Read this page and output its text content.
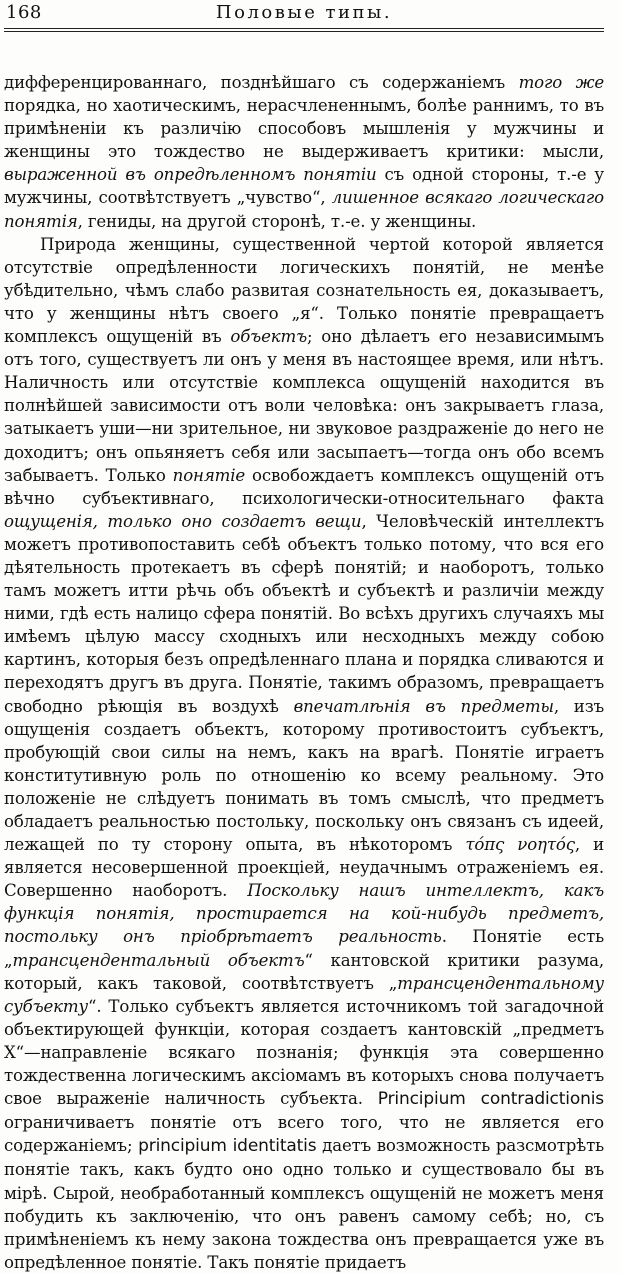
168	Половые типы.

дифференцированнаго, позднѣйшаго съ содержаніемъ того же порядка, но хаотическимъ, нерасчлененнымъ, болѣе раннимъ, то въ примѣненіи къ различію способовъ мышленія у мужчины и женщины это тождество не выдерживаетъ критики: мысли, выраженной въ опредѣленномъ понятіи съ одной стороны, т.-е у мужчины, соотвѣтствуетъ „чувство“, лишенное всякаго логическаго понятія, гениды, на другой сторонѣ, т.-е. у женщины.

Природа женщины, существенной чертой которой является отсутствіе опредѣленности логическихъ понятій, не менѣе убѣдительно, чѣмъ слабо развитая сознательность ея, доказываетъ, что у женщины нѣтъ своего „я“. Только понятіе превращаетъ комплексъ ощущеній въ объектъ; оно дѣлаетъ его независимымъ отъ того, существуетъ ли онъ у меня въ настоящее время, или нѣтъ. Наличность или отсутствіе комплекса ощущеній находится въ полнѣйшей зависимости отъ воли человѣка: онъ закрываетъ глаза, затыкаетъ уши—ни зрительное, ни звуковое раздраженіе до него не доходитъ; онъ опьяняетъ себя или засыпаетъ—тогда онъ обо всемъ забываетъ. Только понятіе освобождаетъ комплексъ ощущеній отъ вѣчно субъективнаго, психологически-относительнаго факта ощущенія, только оно создаетъ вещи, Человѣческій интеллектъ можетъ противопоставить себѣ объектъ только потому, что вся его дѣятельность протекаетъ въ сферѣ понятій; и наоборотъ, только тамъ можетъ итти рѣчь объ объектѣ и субъектѣ и различіи между ними, гдѣ есть налицо сфера понятій. Во всѣхъ другихъ случаяхъ мы имѣемъ цѣлую массу сходныхъ или несходныхъ между собою картинъ, которыя безъ опредѣленнаго плана и порядка сливаются и переходятъ другъ въ друга. Понятіе, такимъ образомъ, превращаетъ свободно рѣющія въ воздухѣ впечатлѣнія въ предметы, изъ ощущенія создаетъ объектъ, которому противостоитъ субъектъ, пробующій свои силы на немъ, какъ на врагѣ. Понятіе играетъ конститутивную роль по отношенію ко всему реальному. Это положеніе не слѣдуетъ понимать въ томъ смыслѣ, что предметъ обладаетъ реальностью постольку, поскольку онъ связанъ съ идеей, лежащей по ту сторону опыта, въ нѣкоторомъ τόπς νοητός, и является несовершенной проекціей, неудачнымъ отраженіемъ ея. Совершенно наоборотъ. Поскольку нашъ интеллектъ, какъ функція понятія, простирается на кой-нибудь предметъ, постольку онъ пріобрѣтаетъ реальность. Понятіе есть „трансцендентальный объектъ“ кантовской критики разума, который, какъ таковой, соотвѣтствуетъ „трансцендентальному субъекту“. Только субъектъ является источникомъ той загадочной объектирующей функціи, которая создаетъ кантовскій „предметъ X“—направленіе всякаго познанія; функція эта совершенно тождественна логическимъ аксіомамъ въ которыхъ снова получаетъ свое выраженіе наличность субъекта. Principium contradictionis ограничиваетъ понятіе отъ всего того, что не является его содержаніемъ; principium identitatis даетъ возможность разсмотрѣть понятіе такъ, какъ будто оно одно только и существовало бы въ мірѣ. Сырой, необработанный комплексъ ощущеній не можетъ меня побудить къ заключенію, что онъ равенъ самому себѣ; но, съ примѣненіемъ къ нему закона тождества онъ превращается уже въ опредѣленное понятіе. Такъ понятіе придаетъ
